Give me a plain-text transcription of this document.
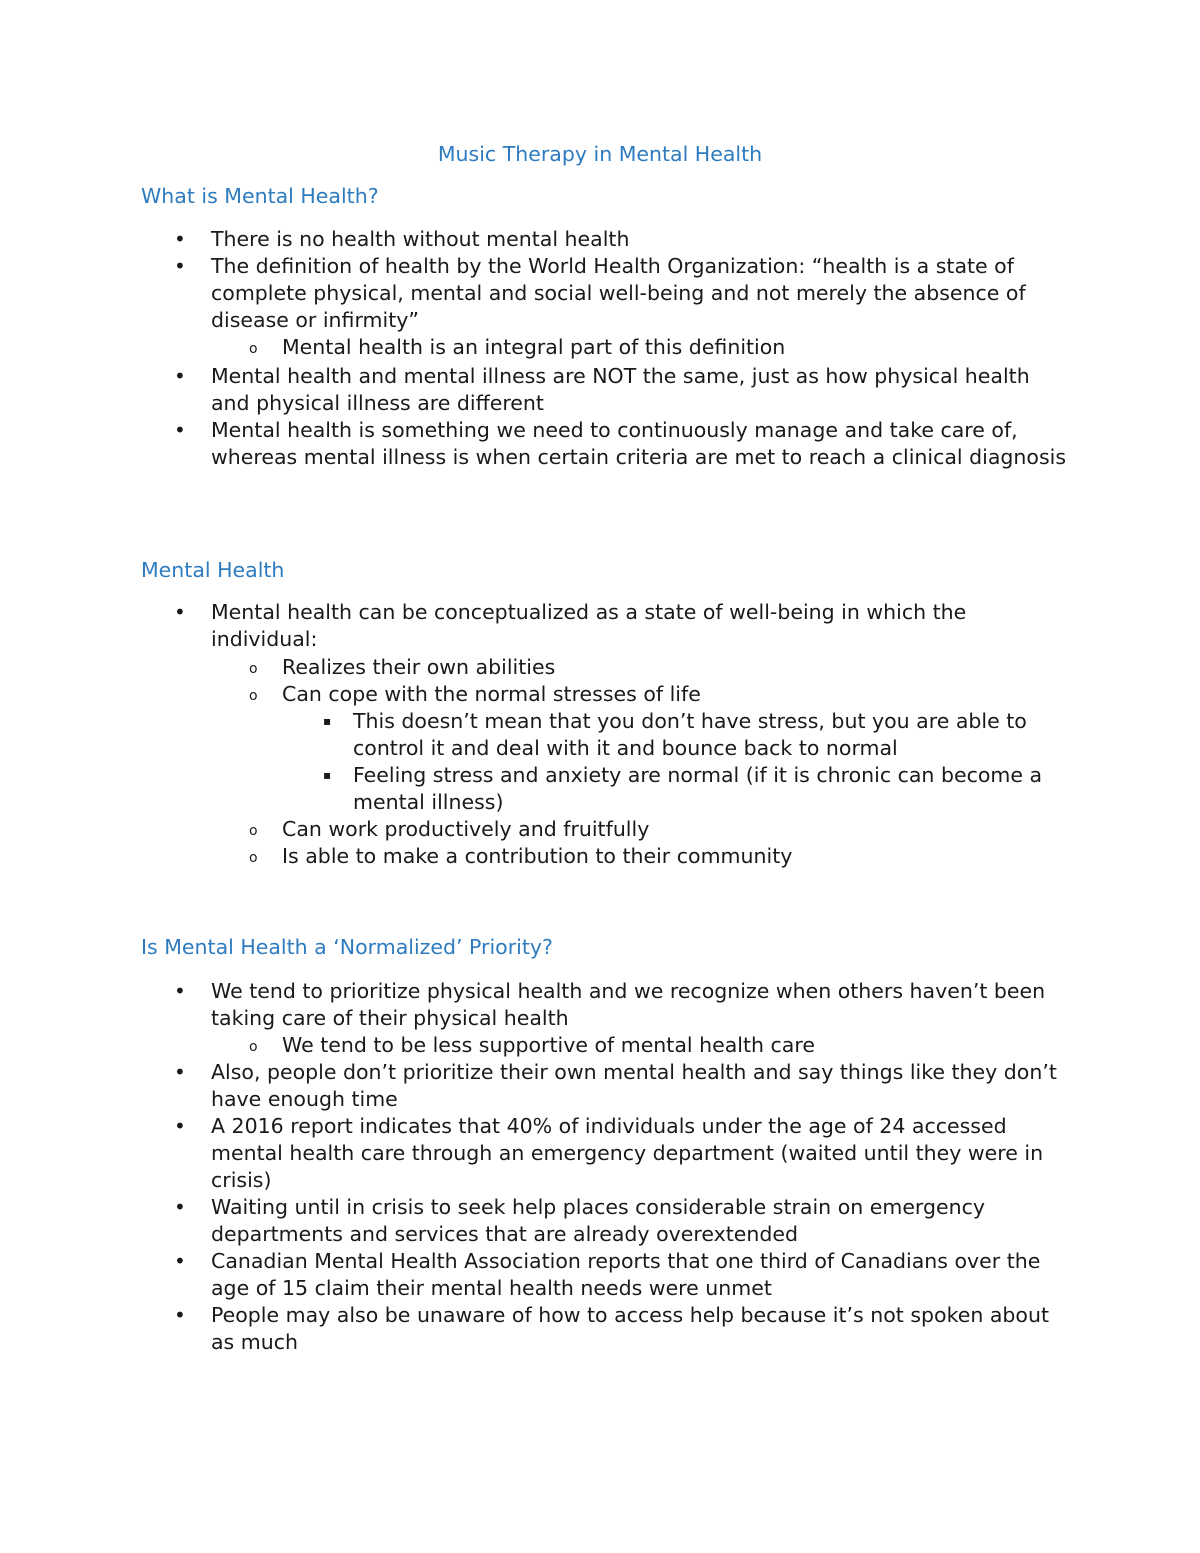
Music Therapy in Mental Health
What is Mental Health?
• There is no health without mental health
• The definition of health by the World Health Organization: “health is a state of complete physical, mental and social well-being and not merely the absence of disease or infirmity”
o Mental health is an integral part of this definition
• Mental health and mental illness are NOT the same, just as how physical health and physical illness are different
• Mental health is something we need to continuously manage and take care of, whereas mental illness is when certain criteria are met to reach a clinical diagnosis
Mental Health
• Mental health can be conceptualized as a state of well-being in which the individual:
o Realizes their own abilities
o Can cope with the normal stresses of life
▪ This doesn’t mean that you don’t have stress, but you are able to control it and deal with it and bounce back to normal
▪ Feeling stress and anxiety are normal (if it is chronic can become a mental illness)
o Can work productively and fruitfully
o Is able to make a contribution to their community
Is Mental Health a ‘Normalized’ Priority?
• We tend to prioritize physical health and we recognize when others haven’t been taking care of their physical health
o We tend to be less supportive of mental health care
• Also, people don’t prioritize their own mental health and say things like they don’t have enough time
• A 2016 report indicates that 40% of individuals under the age of 24 accessed mental health care through an emergency department (waited until they were in crisis)
• Waiting until in crisis to seek help places considerable strain on emergency departments and services that are already overextended
• Canadian Mental Health Association reports that one third of Canadians over the age of 15 claim their mental health needs were unmet
• People may also be unaware of how to access help because it’s not spoken about as much
